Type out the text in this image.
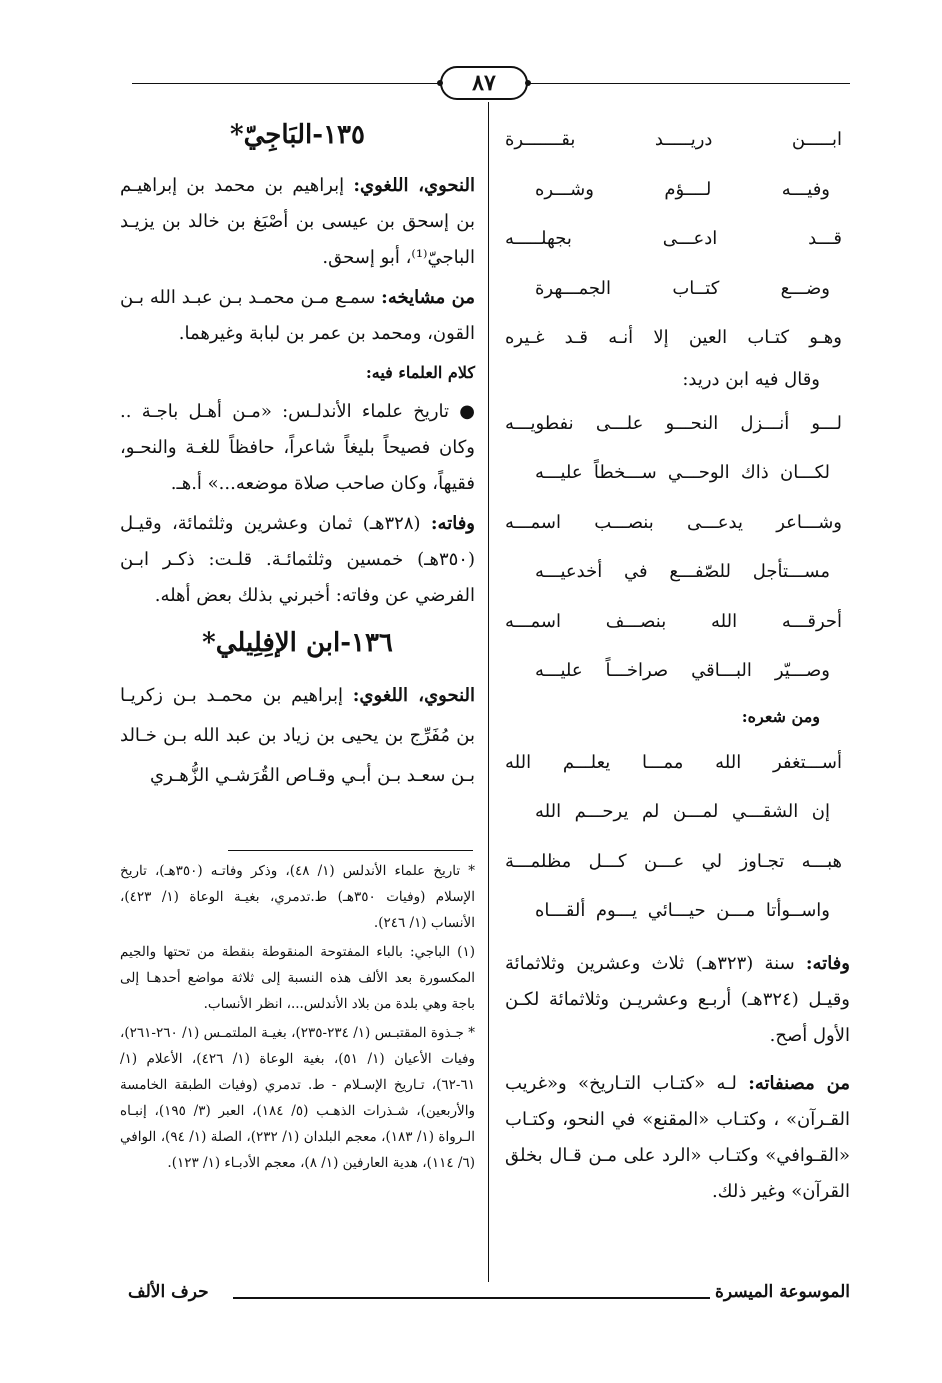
٨٧
ابـــــن دريـــــد بقـــــــرة
وفيـــه لــــؤم وشـــره
قـــد ادعـــى بجهلـــــه
وضـــع كتــاب الجمـــهرة
وهـو كتـاب العين إلا أنـه قـد غـيره
وقال فيه ابن دريد:
لـــو أنـــزل النحـــو علـــى نفطويـــه
لكـــان ذاك الوحـــي ســـخطاً عليـــه
وشـــاعر يدعـــى بنصـــب اسمـــه
مســـتأجل للصّفـــع في أخدعيـــه
أحرقـــه الله بنصـــف اسمـــه
وصـــيّر البـــاقي صراخـــاً عليـــه
ومن شعره:
أســـتغفر الله ممـــا يعلـــم الله
إن الشقـــي لمـــن لم يرحـــم الله
هبـــه تجـاوز لي عـــن كـــل مظلمـــة
واســوأتا مـــن حيـــائي يـــوم ألقـــاه

وفاته: سنة (٣٢٣هـ) ثلاث وعشرين وثلاثمائة وقيـل (٣٢٤هـ) أربـع وعشريـن وثلاثمائة لكـن الأول أصح.

من مصنفاته: لـه «كتـاب التـاريخ» و«غريب القـرآن» ، وكتـاب «المقنع» في النحو، وكتـاب «القـوافي» وكتـاب «الرد على مـن قـال بخلق القرآن» وغير ذلك.

١٣٥-البَاجِيّ*

النحوي، اللغوي: إبراهيم بن محمد بن إبراهيـم بن إسحق بن عيسى بن أصْبَغ بن خالد بن يزيـد الباجيّ⁽¹⁾، أبو إسحق.

من مشايخه: سمـع مـن محمـد بـن عبـد الله بـن القون، ومحمد بن عمر بن لبابة وغيرهما.

كلام العلماء فيه:

● تاريخ علماء الأندلـس: «مـن أهـل باجـة .. وكان فصيحاً بليغاً شاعراً، حافظاً للغـة والنحـو، فقيهاً، وكان صاحب صلاة موضعه...» أ.هـ.

وفاته: (٣٢٨هـ) ثمان وعشرين وثلثمائة، وقيـل (٣٥٠هـ) خمسين وثلثمائـة. قلـت: ذكـر ابـن الفرضي عن وفاته: أخبرني بذلك بعض أهله.

١٣٦-ابن الإفِلِيلي*

النحوي، اللغوي: إبراهيم بن محمـد بـن زكريـا بن مُفَرِّج بن يحيى بن زياد بن عبد الله بـن خـالد بـن سعـد بـن أبـي وقـاص القُرَشـي الزُّهـري

* تاريخ علماء الأندلس (١/ ٤٨)، وذكر وفاتـه (٣٥٠هـ)، تاريخ الإسلام (وفيات ٣٥٠هـ) ط.تدمري، بغيـة الوعاة (١/ ٤٢٣)، الأنساب (١/ ٢٤٦).

(١) الباجي: بالباء المفتوحة المنقوطة بنقطة من تحتها والجيم المكسورة بعد الألف هذه النسبة إلى ثلاثة مواضع أحدهـا إلى باجة وهي بلدة من بلاد الأندلس...، انظر الأنساب.

* جـذوة المقتبـس (١/ ٢٣٤-٢٣٥)، بغيـة الملتمـس (١/ ٢٦٠-٢٦١)، وفيات الأعيان (١/ ٥١)، بغية الوعاة (١/ ٤٢٦)، الأعلام (١/ ٦١-٦٢)، تـاريخ الإسـلام - ط. تدمري (وفيات الطبقة الخامسة والأربعين)، شـذرات الذهـب (٥/ ١٨٤)، العبر (٣/ ١٩٥)، إنبـاه الـرواة (١/ ١٨٣)، معجم البلدان (١/ ٢٣٢)، الصلة (١/ ٩٤)، الوافي (٦/ ١١٤)، هدية العارفين (١/ ٨)، معجم الأدبـاء (١/ ١٢٣).

الموسوعة الميسرة
حرف الألف
